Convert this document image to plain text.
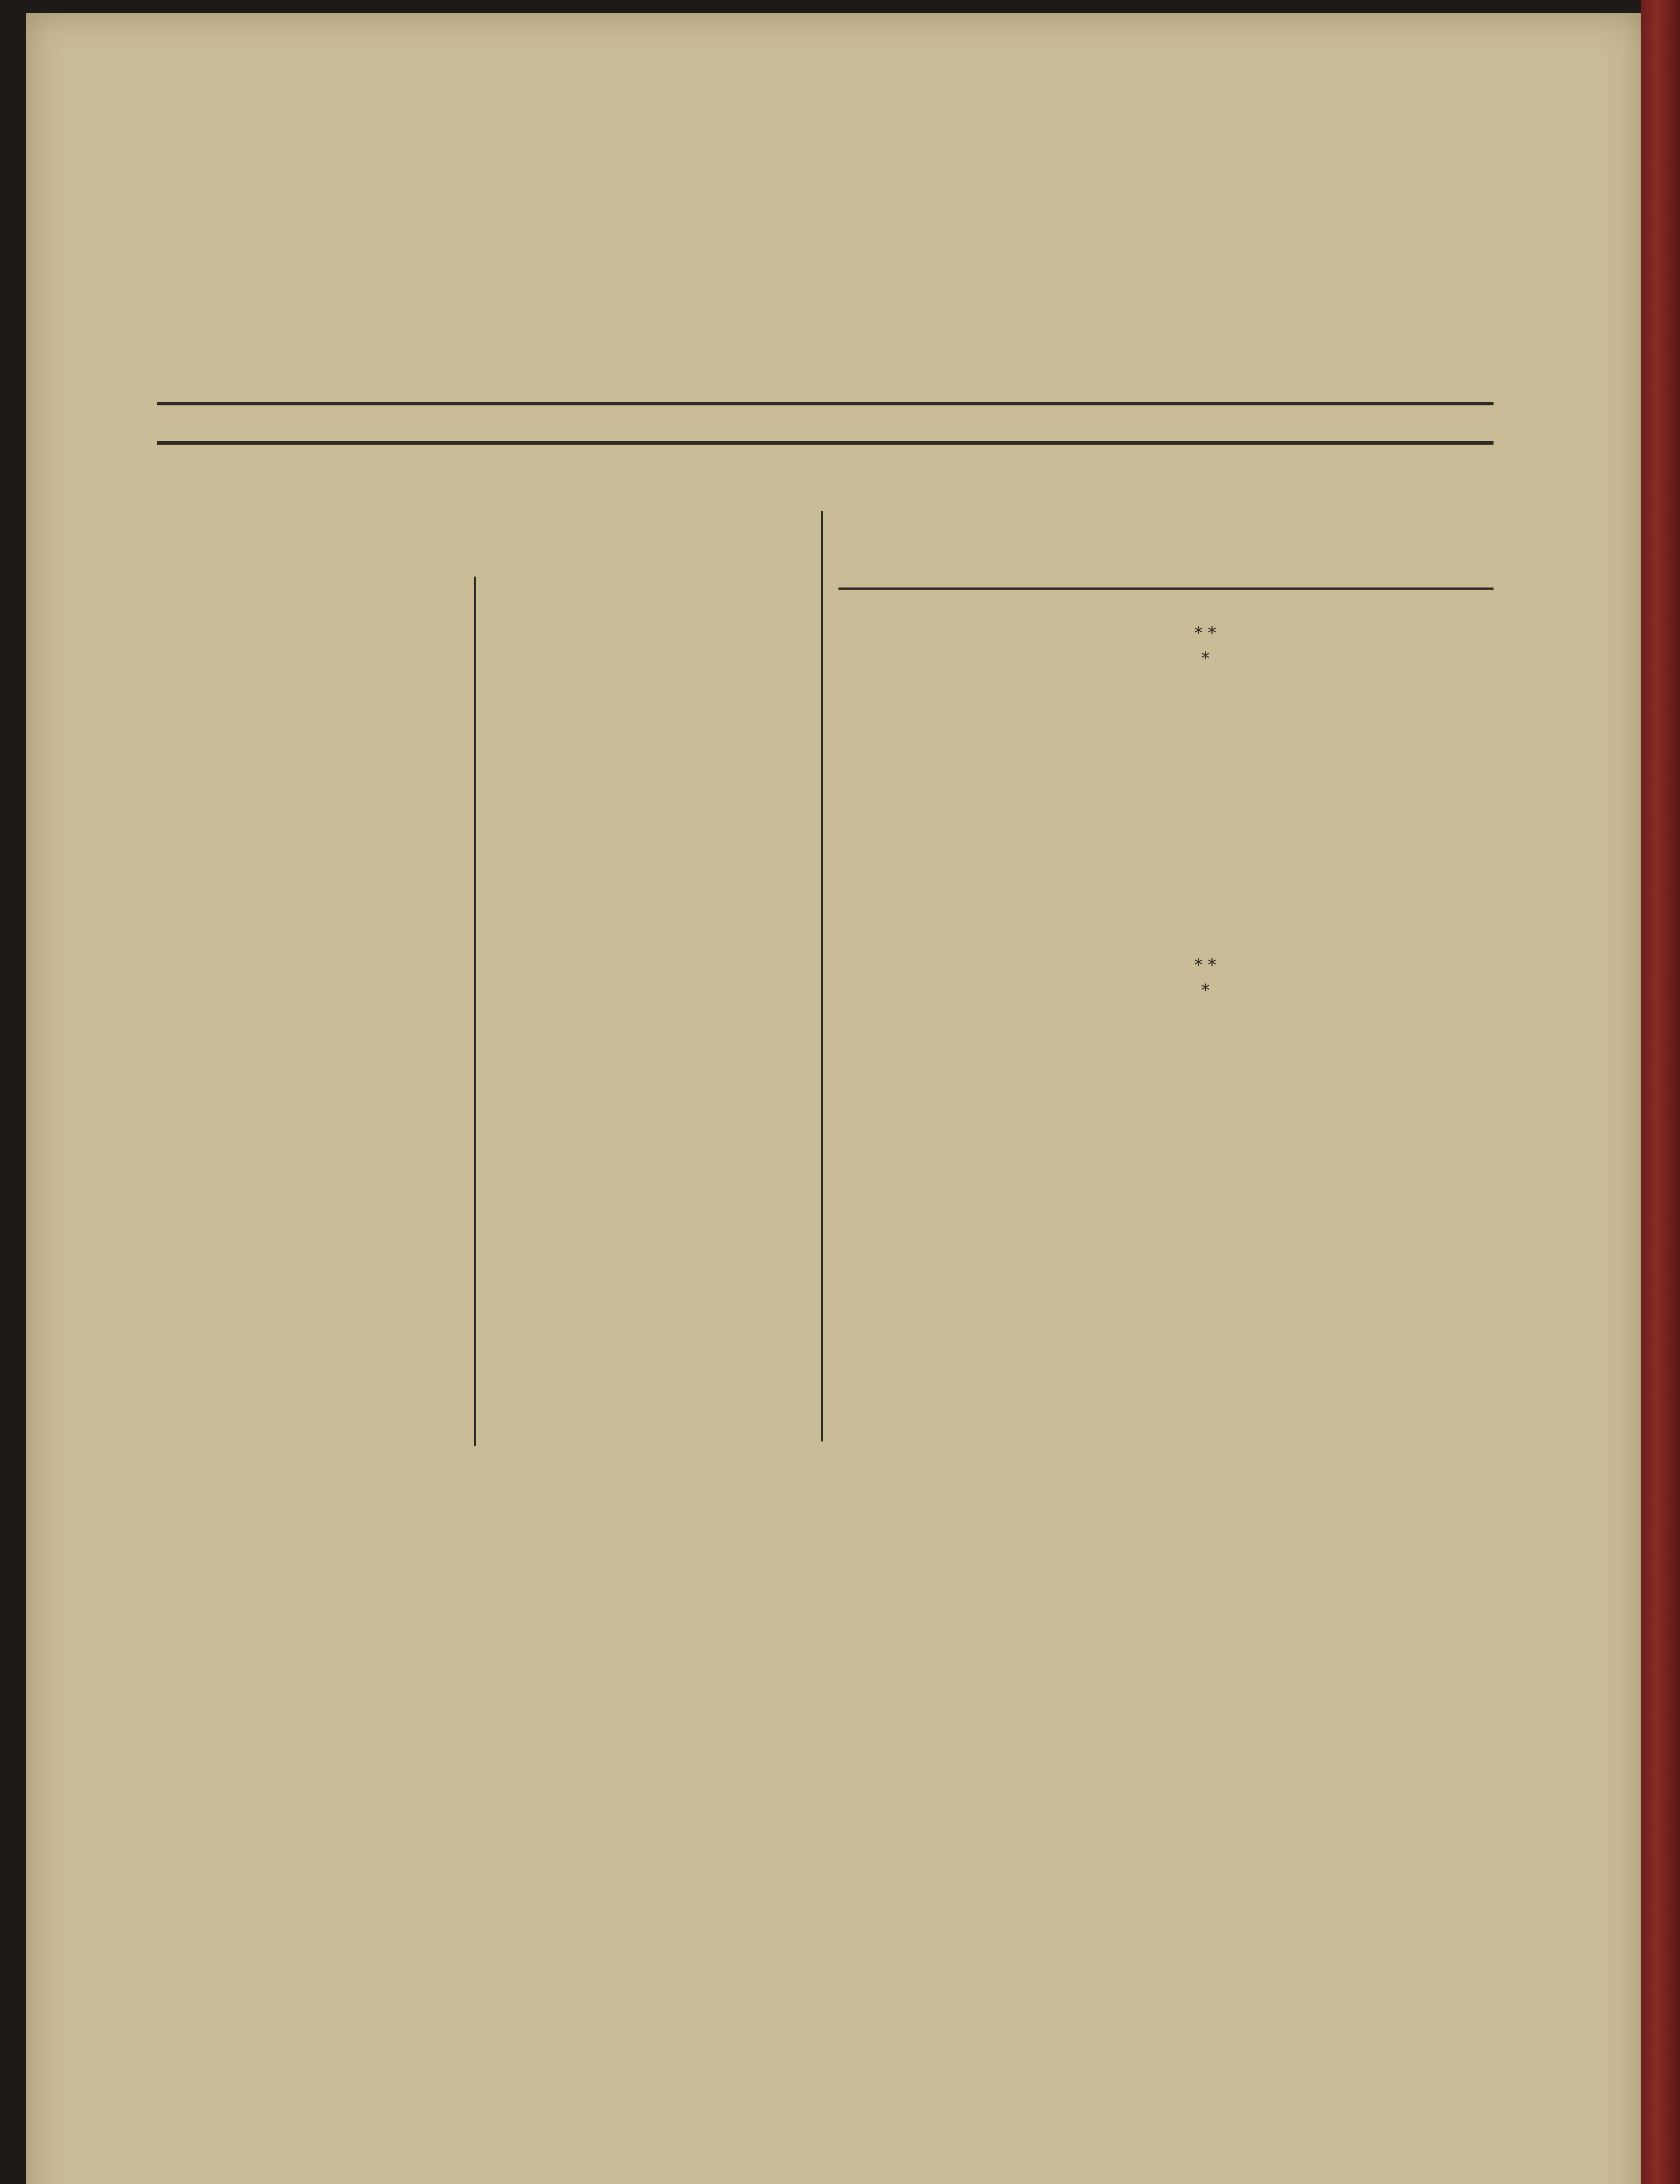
* *
*

* *
*
